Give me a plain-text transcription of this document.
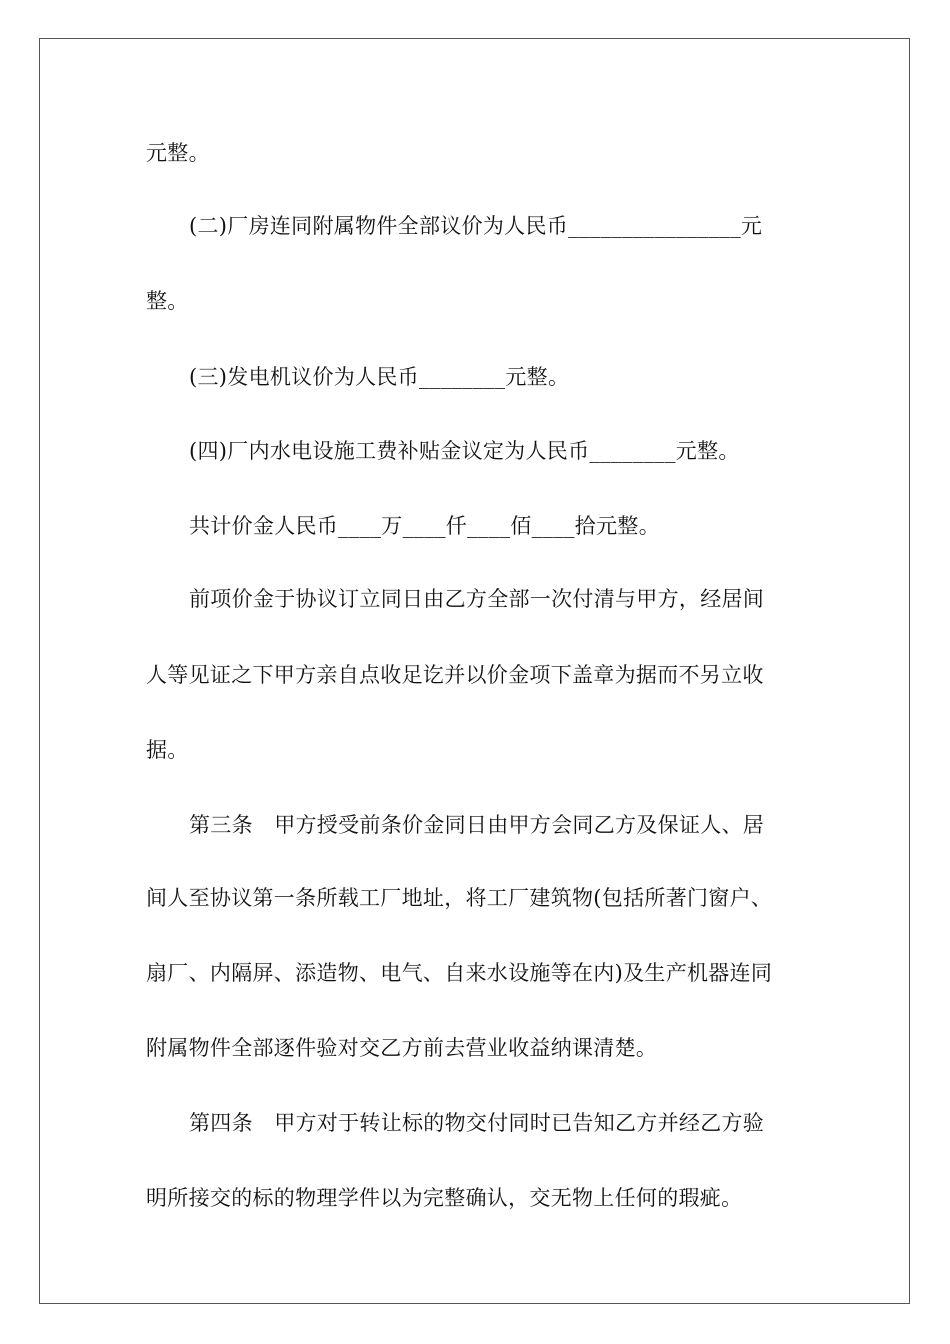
元整。
(二)厂房连同附属物件全部议价为人民币________________元
整。
(三)发电机议价为人民币________元整。
(四)厂内水电设施工费补贴金议定为人民币________元整。
共计价金人民币____万____仟____佰____拾元整。
前项价金于协议订立同日由乙方全部一次付清与甲方，经居间
人等见证之下甲方亲自点收足讫并以价金项下盖章为据而不另立收
据。
第三条　甲方授受前条价金同日由甲方会同乙方及保证人、居
间人至协议第一条所载工厂地址，将工厂建筑物(包括所著门窗户、
扇厂、内隔屏、添造物、电气、自来水设施等在内)及生产机器连同
附属物件全部逐件验对交乙方前去营业收益纳课清楚。
第四条　甲方对于转让标的物交付同时已告知乙方并经乙方验
明所接交的标的物理学件以为完整确认，交无物上任何的瑕疵。
